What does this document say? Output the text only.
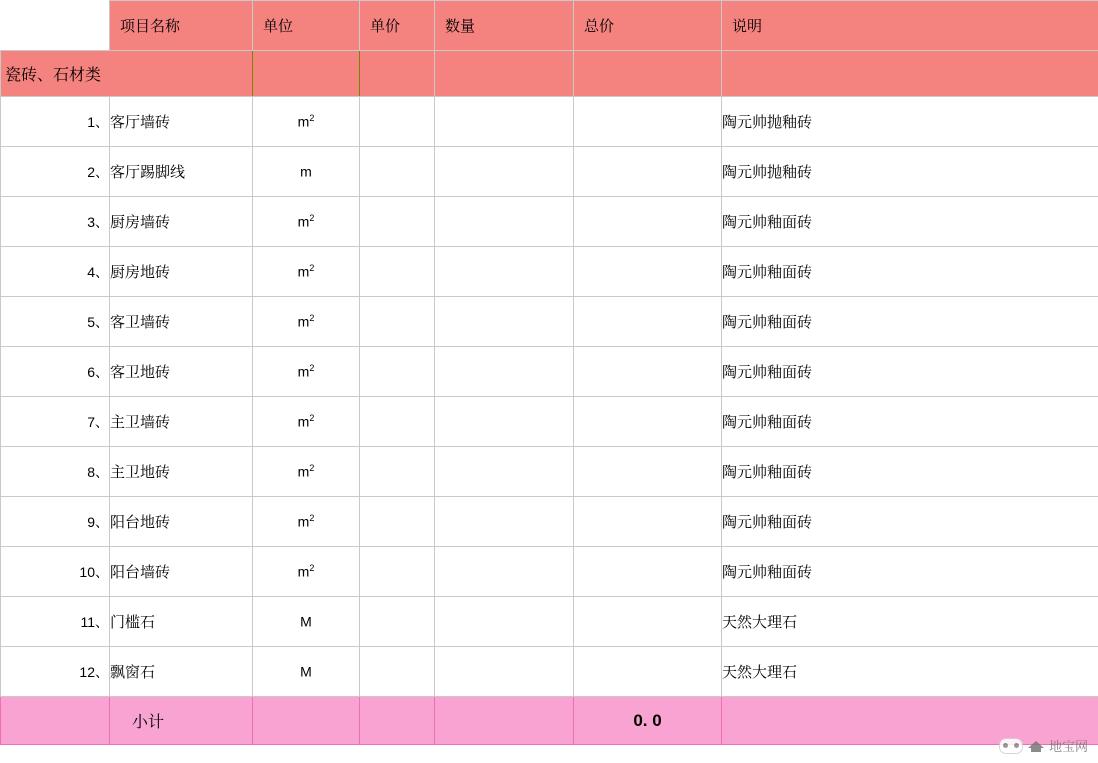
	项目名称	单位	单价	数量	总价	说明
瓷砖、石材类						
1、	客厅墙砖	$m^2$				陶元帅抛釉砖
2、	客厅踢脚线	m				陶元帅抛釉砖
3、	厨房墙砖	$m^2$				陶元帅釉面砖
4、	厨房地砖	$m^2$				陶元帅釉面砖
5、	客卫墙砖	$m^2$				陶元帅釉面砖
6、	客卫地砖	$m^2$				陶元帅釉面砖
7、	主卫墙砖	$m^2$				陶元帅釉面砖
8、	主卫地砖	$m^2$				陶元帅釉面砖
9、	阳台地砖	$m^2$				陶元帅釉面砖
10、	阳台墙砖	$m^2$				陶元帅釉面砖
11、	门槛石	M				天然大理石
12、	飘窗石	M				天然大理石
	小计				0. 0	
地宝网
